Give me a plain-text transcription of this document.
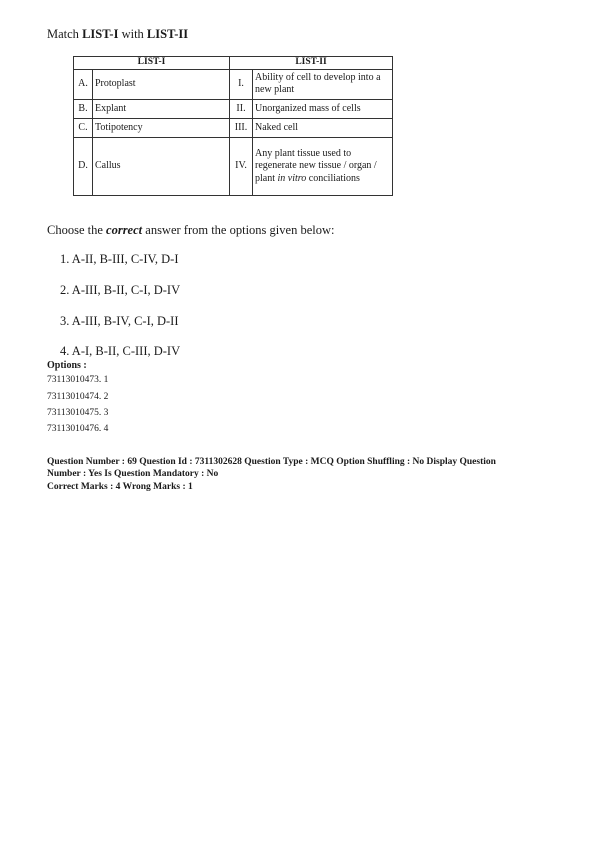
Match LIST-I with LIST-II
LIST-I		LIST-II	
A.	Protoplast	I.	Ability of cell to develop into a new plant
B.	Explant	II.	Unorganized mass of cells
C.	Totipotency	III.	Naked cell
D.	Callus	IV.	Any plant tissue used to regenerate new tissue / organ / plant in vitro conciliations
Choose the correct answer from the options given below:
1. A-II, B-III, C-IV, D-I
2. A-III, B-II, C-I, D-IV
3. A-III, B-IV, C-I, D-II
4. A-I, B-II, C-III, D-IV
Options :
73113010473. 1
73113010474. 2
73113010475. 3
73113010476. 4
Question Number : 69 Question Id : 7311302628 Question Type : MCQ Option Shuffling : No Display Question
Number : Yes Is Question Mandatory : No
Correct Marks : 4 Wrong Marks : 1
